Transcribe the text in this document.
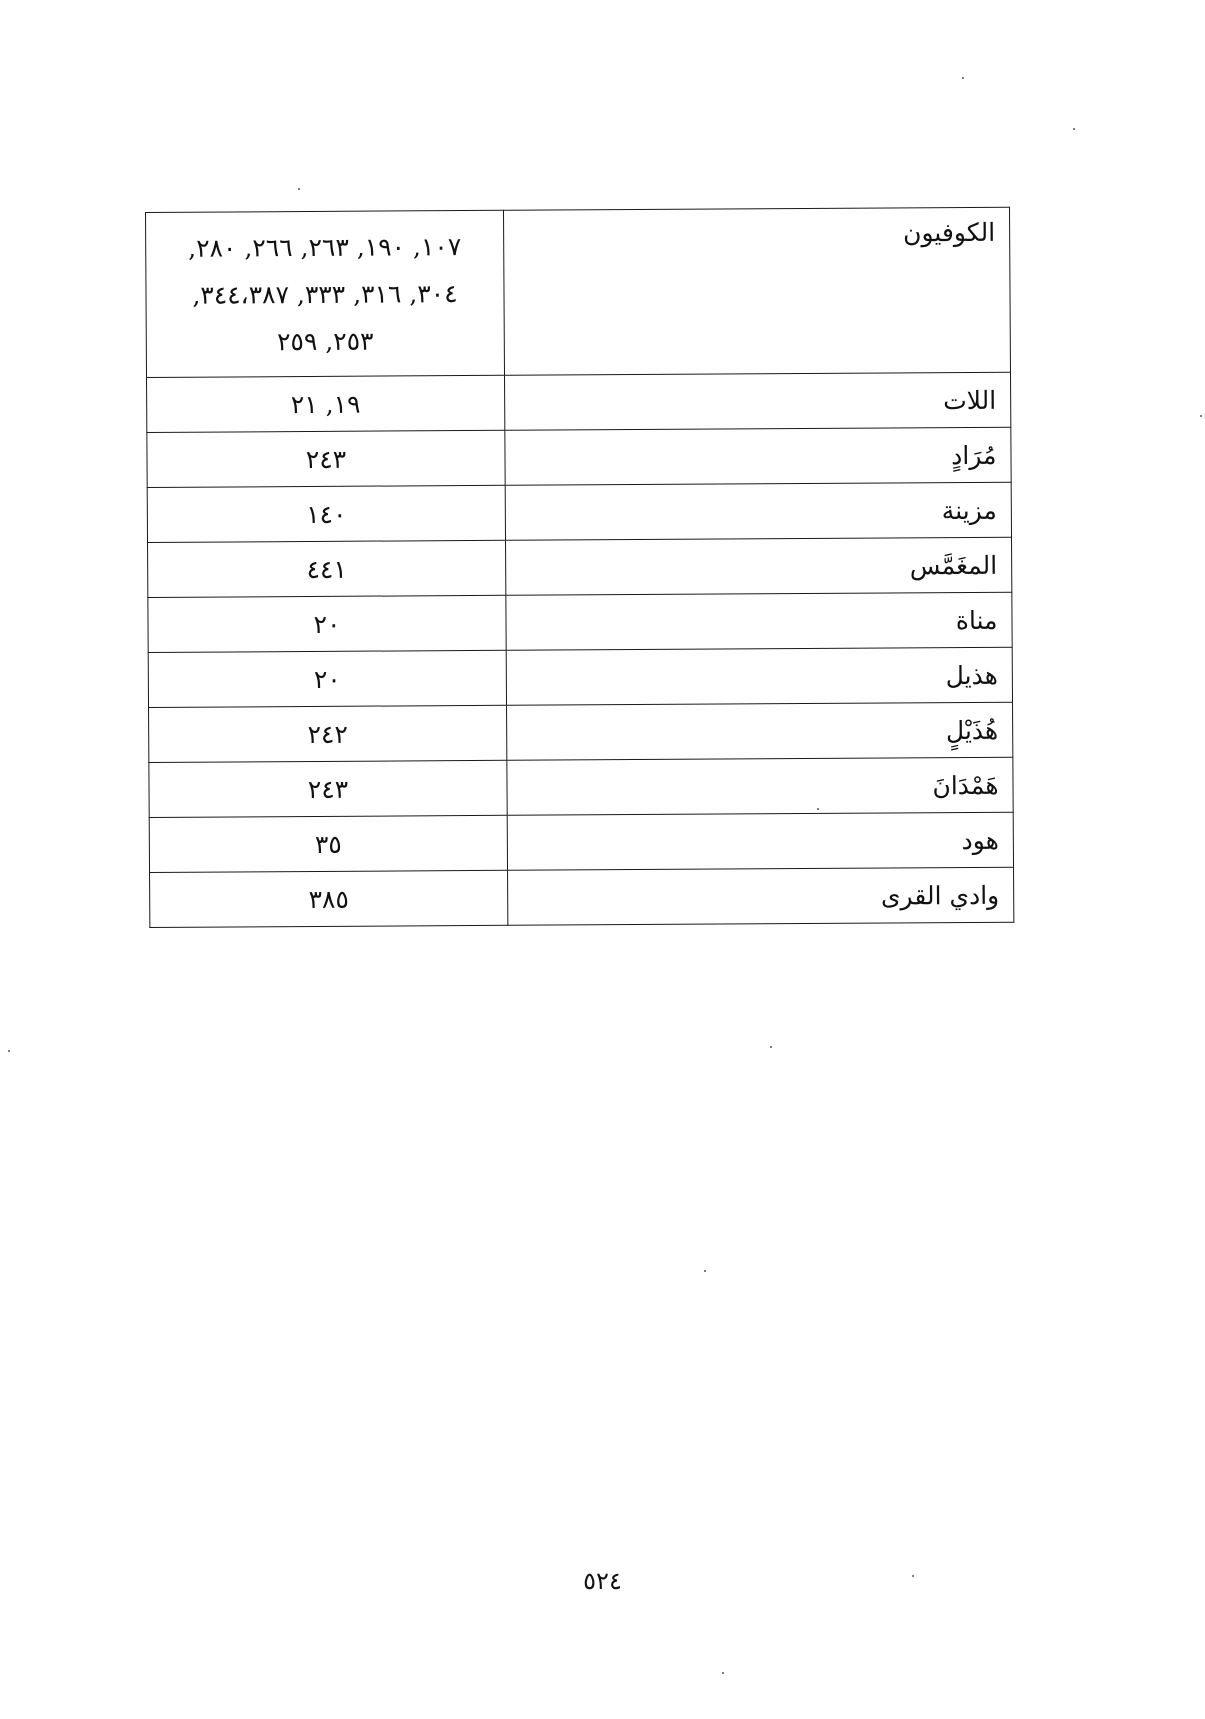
١٠٧, ١٩٠, ٢٦٣, ٢٦٦, ٢٨٠,
٣٠٤, ٣١٦, ٣٣٣, ٣٤٤،٣٨٧,
٢٥٣, ٢٥٩	الكوفيون
١٩, ٢١	اللات
٢٤٣	مُرَادٍ
١٤٠	مزينة
٤٤١	المغَمَّس
٢٠	مناة
٢٠	هذيل
٢٤٢	هُذَيْلٍ
٢٤٣	هَمْدَانَ
٣٥	هود
٣٨٥	وادي القرى
٥٢٤
